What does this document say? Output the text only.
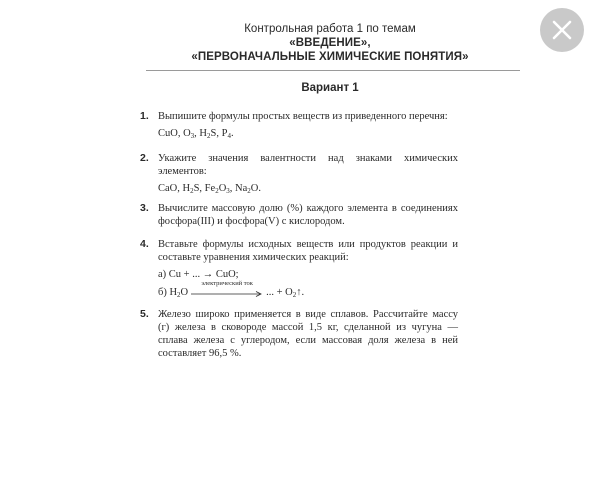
Контрольная работа 1 по темам
«ВВЕДЕНИЕ»,
«ПЕРВОНАЧАЛЬНЫЕ ХИМИЧЕСКИЕ ПОНЯТИЯ»
Вариант 1
1. Выпишите формулы простых веществ из приведенного перечня:
CuO, $O_3$, $H_2S$, $P_4$.
2. Укажите значения валентности над знаками химических элементов:
CaO, $H_2S$, $Fe_2O_3$, $Na_2O$.
3. Вычислите массовую долю (%) каждого элемента в соединениях фосфора(III) и фосфора(V) с кислородом.
4. Вставьте формулы исходных веществ или продуктов реакции и составьте уравнения химических реакций:
а) Cu + ... → CuO;
б) $H_2O$
электрический ток
... + $O_2↑$.
5. Железо широко применяется в виде сплавов. Рассчитайте массу (г) железа в сковороде массой 1,5 кг, сделанной из чугуна — сплава железа с углеродом, если массовая доля железа в ней составляет 96,5 %.
